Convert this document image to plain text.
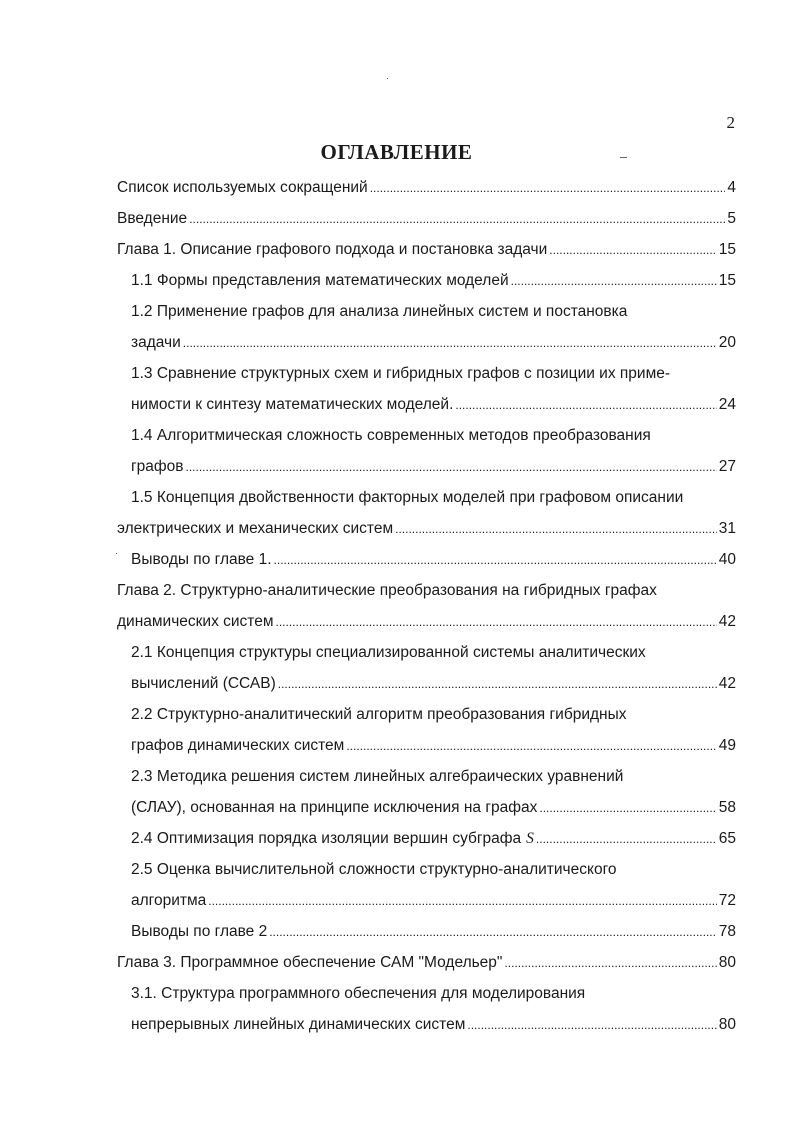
2
ОГЛАВЛЕНИЕ
Список используемых сокращений .....	4
Введение .....	5
Глава 1. Описание графового подхода и постановка задачи .....	15
1.1 Формы представления математических моделей .....	15
1.2 Применение графов для анализа линейных систем и постановка
задачи .....	20
1.3 Сравнение структурных схем и гибридных графов с позиции их приме-
нимости к синтезу математических моделей. .....	24
1.4 Алгоритмическая сложность современных методов преобразования
графов .....	27
1.5 Концепция двойственности факторных моделей при графовом описании
электрических и механических систем .....	31
Выводы по главе 1. .....	40
Глава 2. Структурно-аналитические преобразования на гибридных графах
динамических систем .....	42
2.1 Концепция структуры специализированной системы аналитических
вычислений (ССАВ) .....	42
2.2 Структурно-аналитический алгоритм преобразования гибридных
графов динамических систем .....	49
2.3 Методика решения систем линейных алгебраических уравнений
(СЛАУ), основанная на принципе исключения на графах .....	58
2.4 Оптимизация порядка изоляции вершин субграфа S .....	65
2.5 Оценка вычислительной сложности структурно-аналитического
алгоритма .....	72
Выводы по главе 2 .....	78
Глава 3. Программное обеспечение САМ "Модельер" .....	80
3.1. Структура программного обеспечения для моделирования
непрерывных линейных динамических систем .....	80
